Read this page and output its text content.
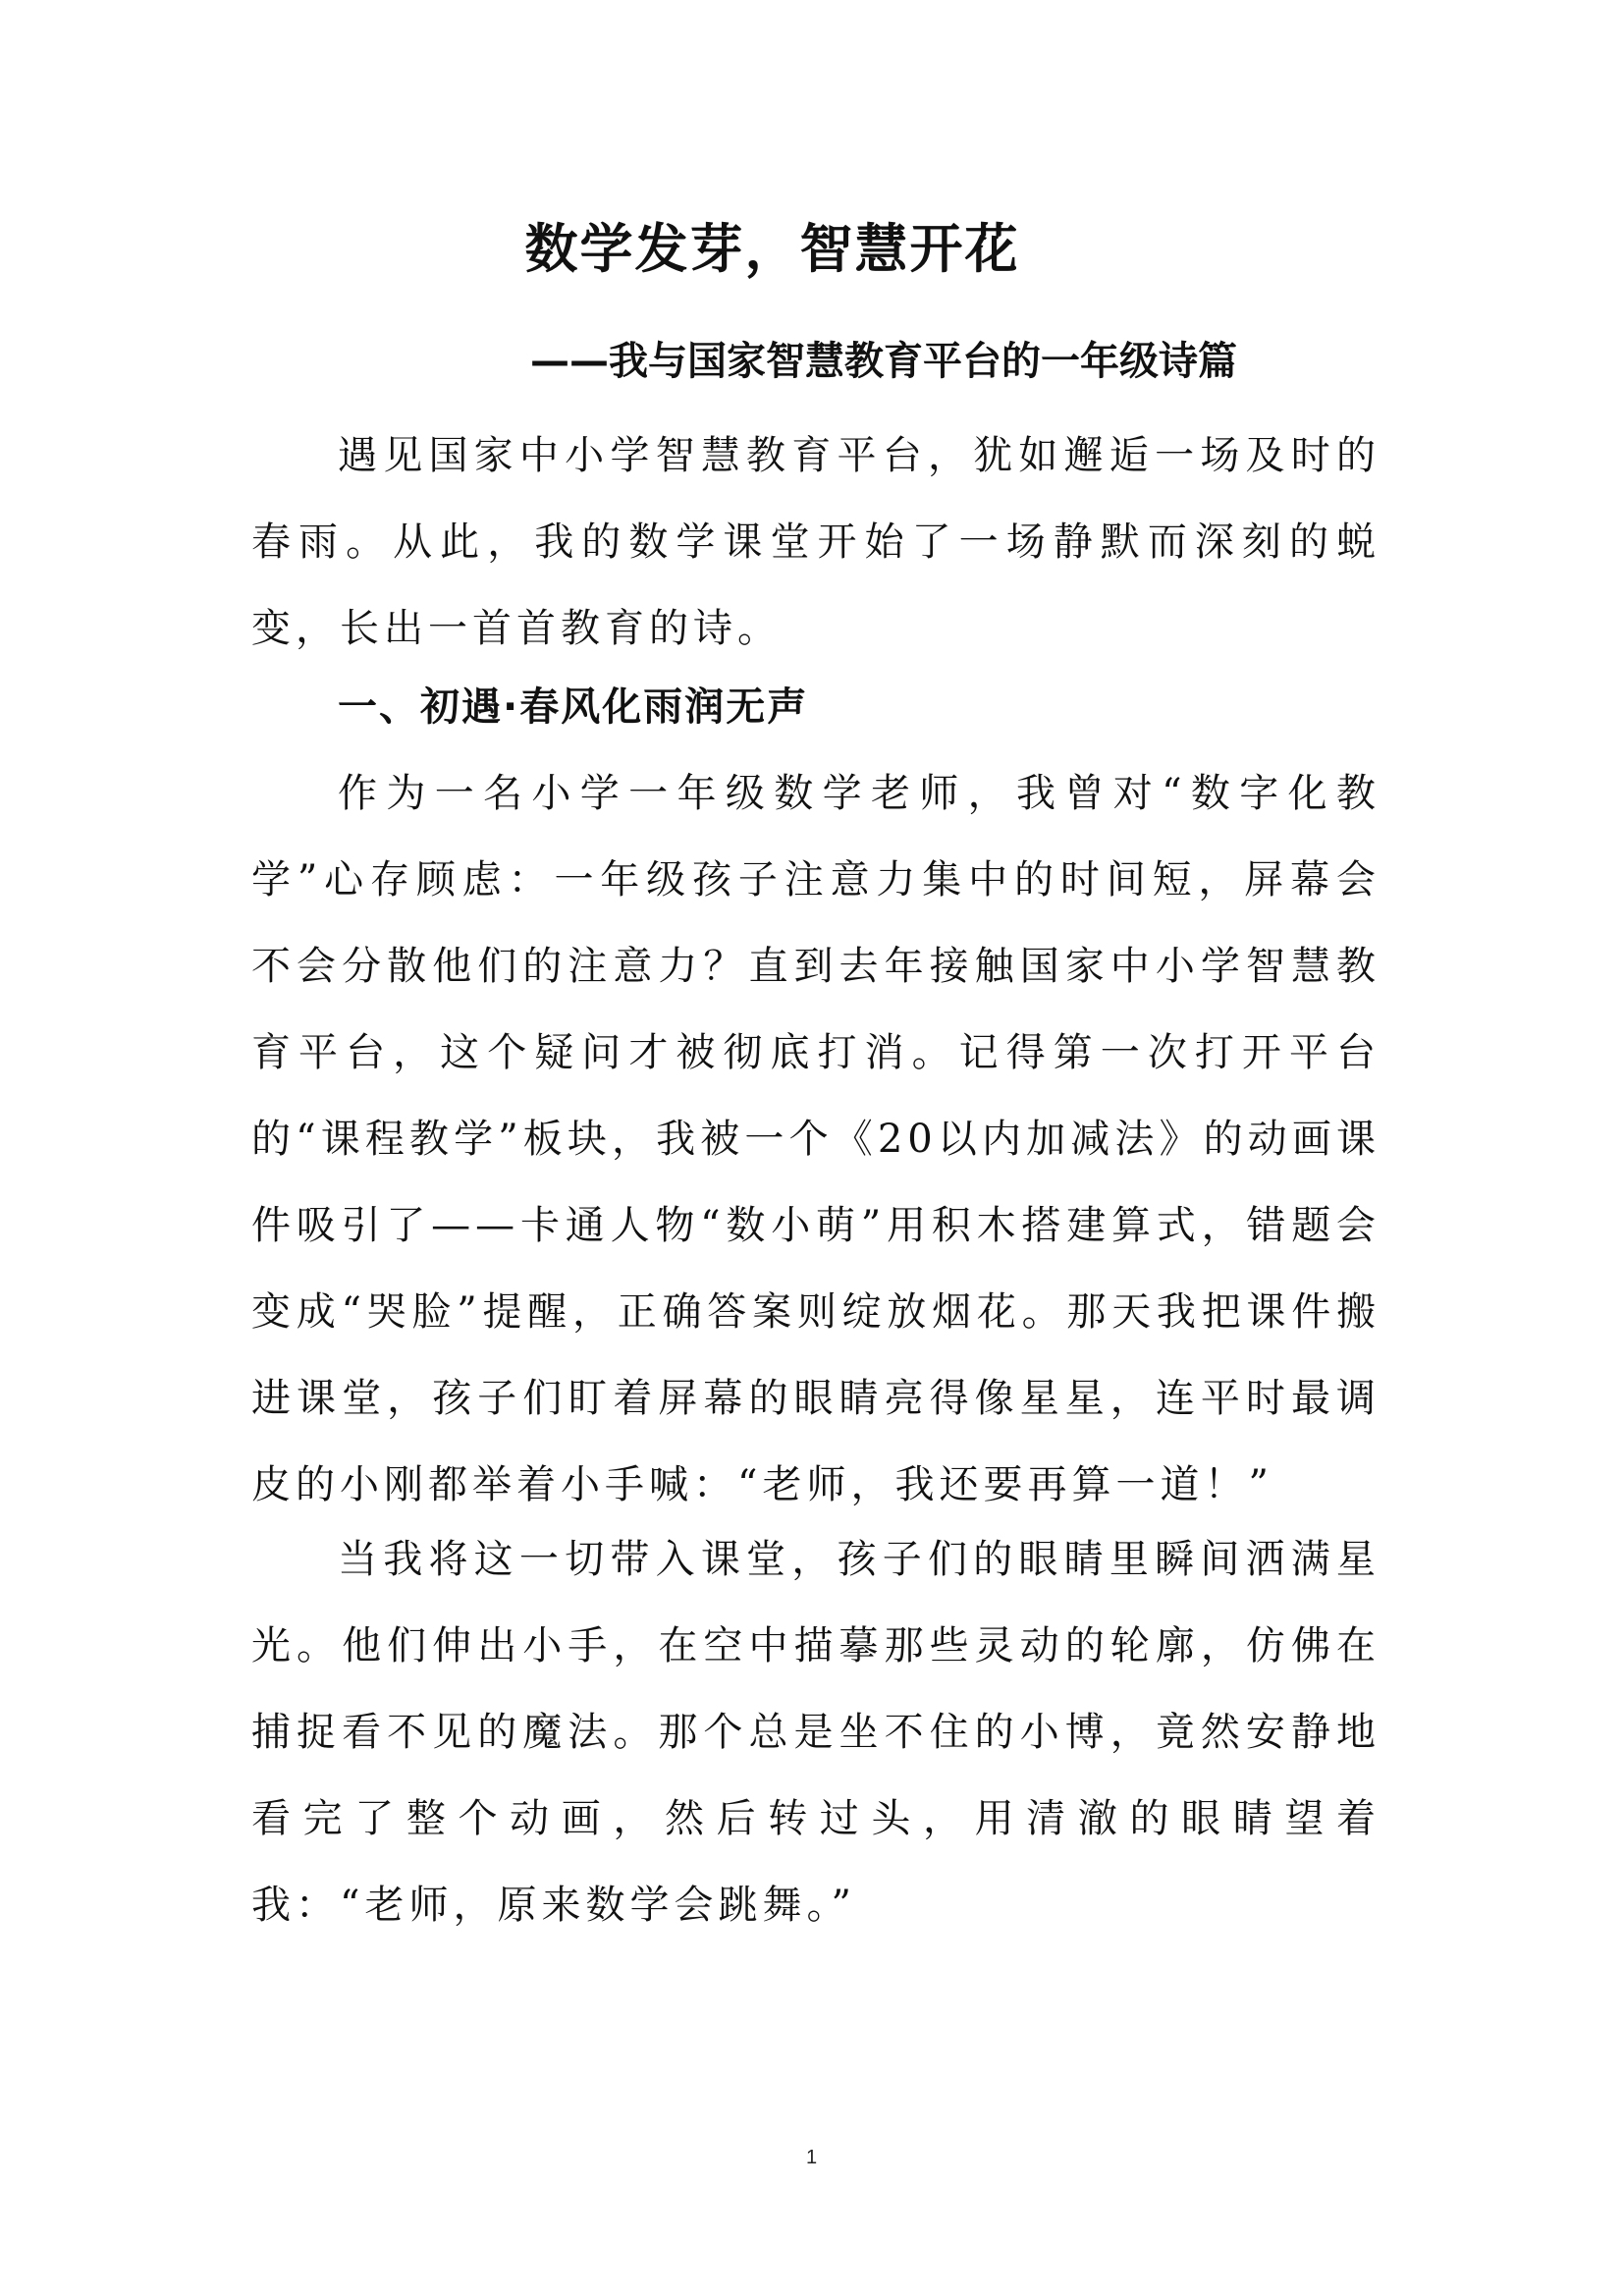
数学发芽，智慧开花
——我与国家智慧教育平台的一年级诗篇

遇见国家中小学智慧教育平台，犹如邂逅一场及时的春雨。从此，我的数学课堂开始了一场静默而深刻的蜕变，长出一首首教育的诗。

一、初遇·春风化雨润无声

作为一名小学一年级数学老师，我曾对“数字化教学”心存顾虑：一年级孩子注意力集中的时间短，屏幕会不会分散他们的注意力？直到去年接触国家中小学智慧教育平台，这个疑问才被彻底打消。记得第一次打开平台的“课程教学”板块，我被一个《20以内加减法》的动画课件吸引了——卡通人物“数小萌”用积木搭建算式，错题会变成“哭脸”提醒，正确答案则绽放烟花。那天我把课件搬进课堂，孩子们盯着屏幕的眼睛亮得像星星，连平时最调皮的小刚都举着小手喊：“老师，我还要再算一道！”

当我将这一切带入课堂，孩子们的眼睛里瞬间洒满星光。他们伸出小手，在空中描摹那些灵动的轮廓，仿佛在捕捉看不见的魔法。那个总是坐不住的小博，竟然安静地看完了整个动画，然后转过头，用清澈的眼睛望着我：“老师，原来数学会跳舞。”

1
